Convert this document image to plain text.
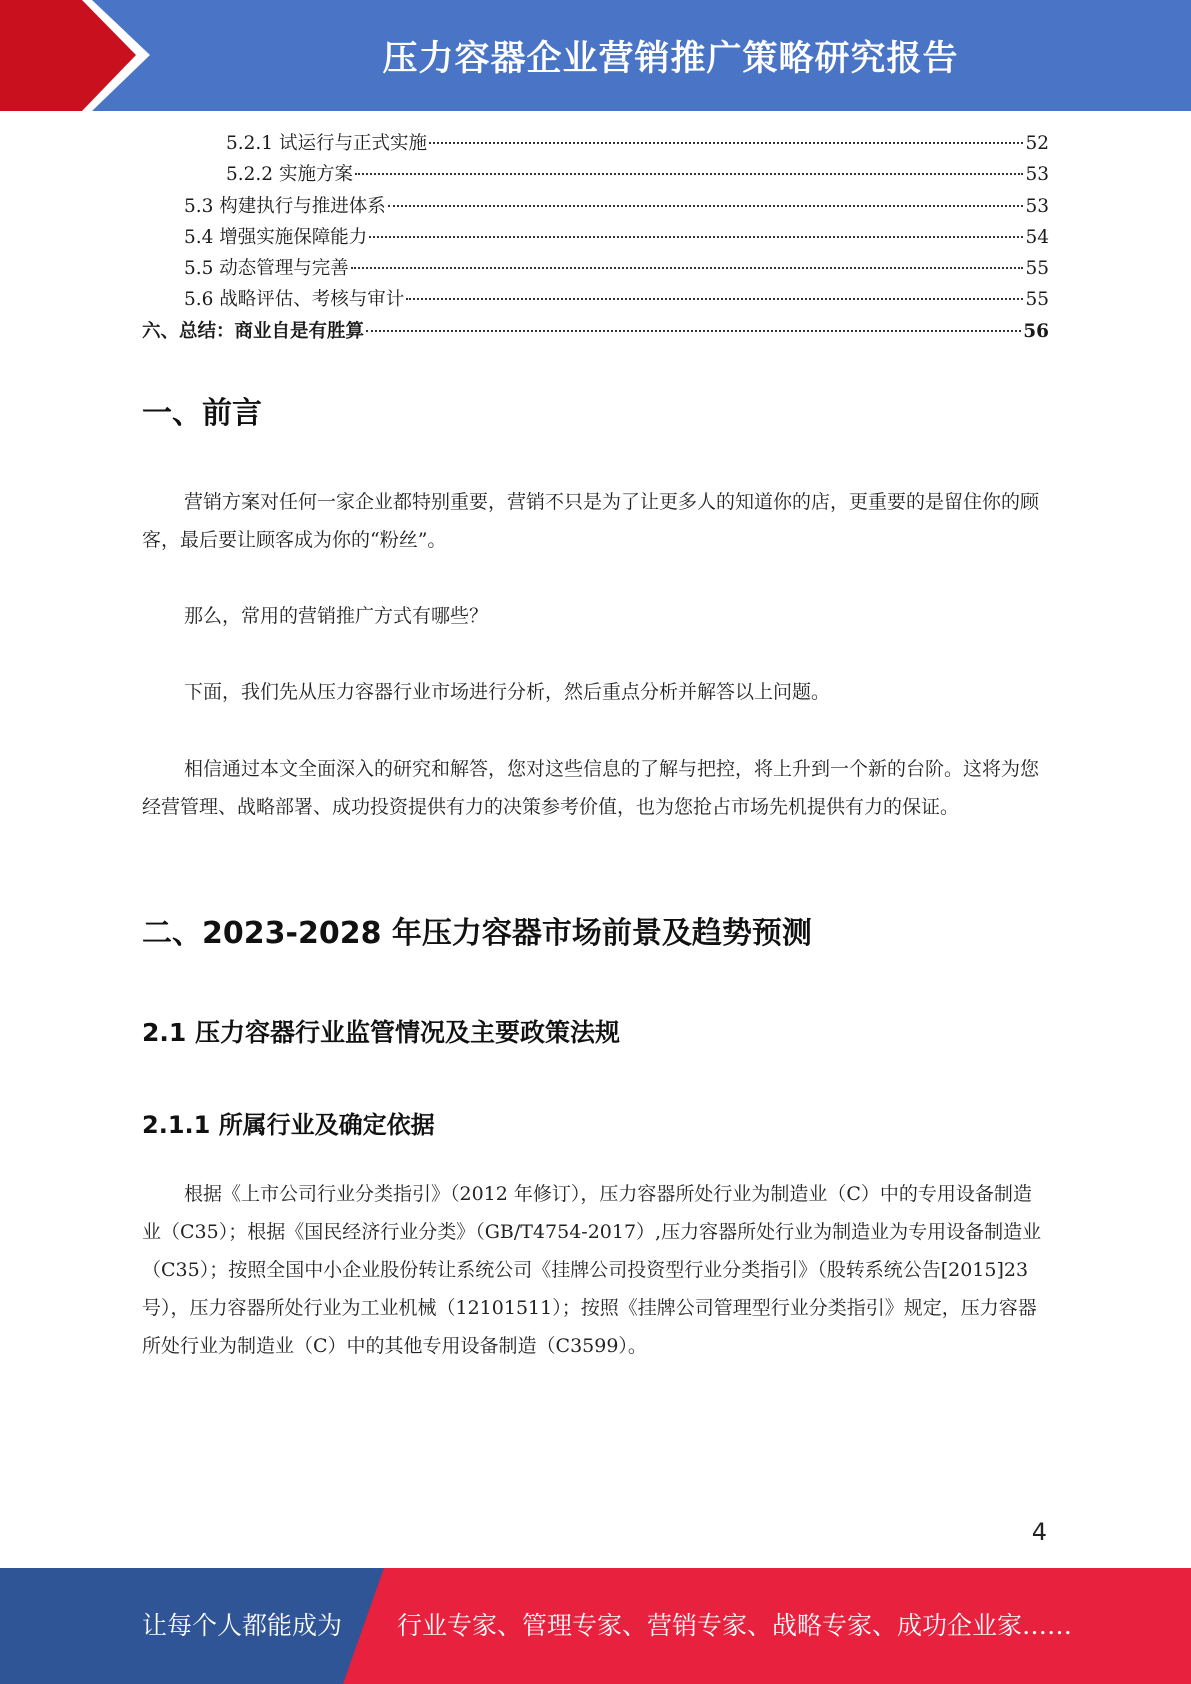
压力容器企业营销推广策略研究报告
5.2.1 试运行与正式实施	52
5.2.2 实施方案	53
5.3 构建执行与推进体系	53
5.4 增强实施保障能力	54
5.5 动态管理与完善	55
5.6 战略评估、考核与审计	55
六、总结：商业自是有胜算	56
一、前言

营销方案对任何一家企业都特别重要，营销不只是为了让更多人的知道你的店，更重要的是留住你的顾客，最后要让顾客成为你的“粉丝”。

那么，常用的营销推广方式有哪些？

下面，我们先从压力容器行业市场进行分析，然后重点分析并解答以上问题。

相信通过本文全面深入的研究和解答，您对这些信息的了解与把控，将上升到一个新的台阶。这将为您经营管理、战略部署、成功投资提供有力的决策参考价值，也为您抢占市场先机提供有力的保证。

二、2023-2028 年压力容器市场前景及趋势预测
2.1 压力容器行业监管情况及主要政策法规
2.1.1 所属行业及确定依据

根据《上市公司行业分类指引》（2012 年修订），压力容器所处行业为制造业（C）中的专用设备制造业（C35）；根据《国民经济行业分类》（GB/T4754-2017）,压力容器所处行业为制造业为专用设备制造业（C35）；按照全国中小企业股份转让系统公司《挂牌公司投资型行业分类指引》（股转系统公告[2015]23 号），压力容器所处行业为工业机械（12101511）；按照《挂牌公司管理型行业分类指引》规定，压力容器所处行业为制造业（C）中的其他专用设备制造（C3599）。

4
让每个人都能成为 行业专家、管理专家、营销专家、战略专家、成功企业家……
